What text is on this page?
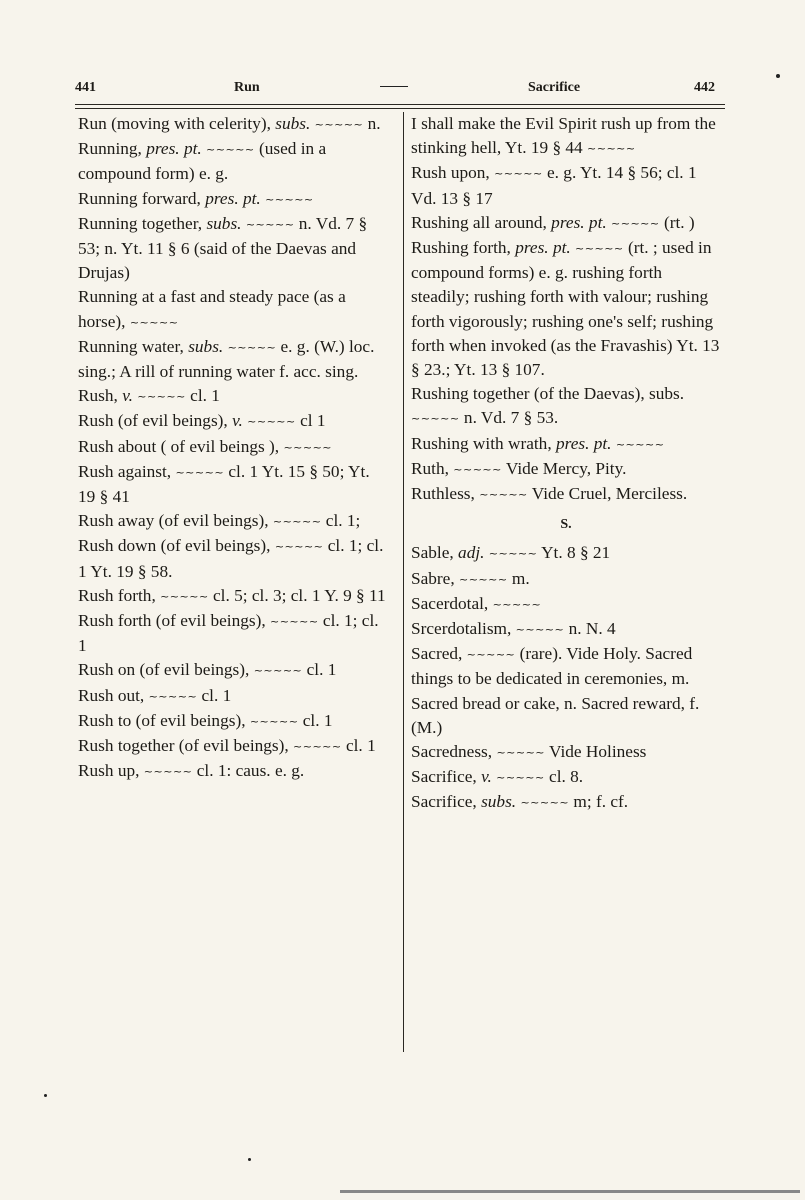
441	Run	Sacrifice	442
Run (moving with celerity), subs. ~~~~~ n.
Running, pres. pt. ~~~~~ (used in a compound form) e. g.
Running forward, pres. pt. ~~~~~
Running together, subs. ~~~~~ n. Vd. 7 § 53; n. Yt. 11 § 6 (said of the Daevas and Drujas)
Running at a fast and steady pace (as a horse), ~~~~~
Running water, subs. ~~~~~ e. g. (W.) loc. sing.; A rill of running water f. acc. sing.
Rush, v. ~~~~~ cl. 1
Rush (of evil beings), v. ~~~~~ cl 1
Rush about ( of evil beings ), ~~~~~
Rush against, ~~~~~ cl. 1 Yt. 15 § 50; Yt. 19 § 41
Rush away (of evil beings), ~~~~~ cl. 1;
Rush down (of evil beings), ~~~~~ cl. 1; cl. 1 Yt. 19 § 58.
Rush forth, ~~~~~ cl. 5; cl. 3; cl. 1 Y. 9 § 11
Rush forth (of evil beings), ~~~~~ cl. 1; cl. 1
Rush on (of evil beings), ~~~~~ cl. 1
Rush out, ~~~~~ cl. 1
Rush to (of evil beings), ~~~~~ cl. 1
Rush together (of evil beings), ~~~~~ cl. 1
Rush up, ~~~~~ cl. 1: caus. e. g.
I shall make the Evil Spirit rush up from the stinking hell, Yt. 19 § 44 ~~~~~
Rush upon, ~~~~~ e. g. Yt. 14 § 56; cl. 1 Vd. 13 § 17
Rushing all around, pres. pt. ~~~~~ (rt. )
Rushing forth, pres. pt. ~~~~~ (rt. ; used in compound forms) e. g. rushing forth steadily; rushing forth with valour; rushing forth vigorously; rushing one's self; rushing forth when invoked (as the Fravashis) Yt. 13 § 23.; Yt. 13 § 107.
Rushing together (of the Daevas), subs. ~~~~~ n. Vd. 7 § 53.
Rushing with wrath, pres. pt. ~~~~~
Ruth, ~~~~~ Vide Mercy, Pity.
Ruthless, ~~~~~ Vide Cruel, Merciless.
S.
Sable, adj. ~~~~~ Yt. 8 § 21
Sabre, ~~~~~ m.
Sacerdotal, ~~~~~
Srcerdotalism, ~~~~~ n. N. 4
Sacred, ~~~~~ (rare). Vide Holy. Sacred things to be dedicated in ceremonies, m. Sacred bread or cake, n. Sacred reward, f. (M.)
Sacredness, ~~~~~ Vide Holiness
Sacrifice, v. ~~~~~ cl. 8.
Sacrifice, subs. ~~~~~ m; f. cf.
